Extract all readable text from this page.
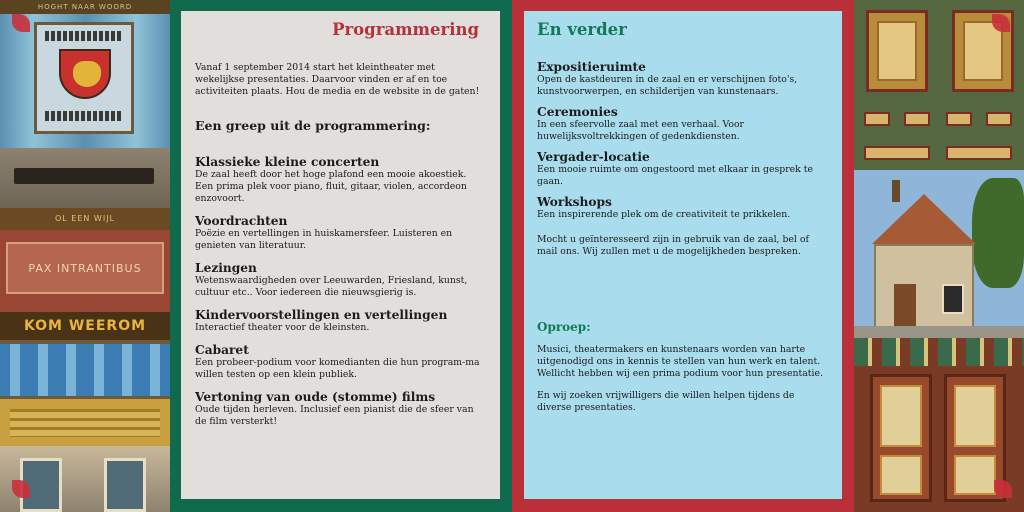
HOGHT NAAR WOORD
OL EEN WIJL
PAX INTRANTIBUS
KOM WEEROM
Programmering

Vanaf 1 september 2014 start het kleintheater met wekelijkse presentaties. Daarvoor vinden er af en toe activiteiten plaats. Hou de media en de website in de gaten!

Een greep uit de programmering:
Klassieke kleine concerten
De zaal heeft door het hoge plafond een mooie akoestiek. Een prima plek voor piano, fluit, gitaar, violen, accordeon enzovoort.
Voordrachten
Poëzie en vertellingen in huiskamersfeer. Luisteren en genieten van literatuur.
Lezingen
Wetenswaardigheden over Leeuwarden, Friesland, kunst, cultuur etc.. Voor iedereen die nieuwsgierig is.
Kindervoorstellingen en vertellingen
Interactief theater voor de kleinsten.
Cabaret
Een probeer-podium voor komedianten die hun program-ma willen testen op een klein publiek.
Vertoning van oude (stomme) films
Oude tijden herleven. Inclusief een pianist die de sfeer van de film versterkt!
En verder
Expositieruimte
Open de kastdeuren in de zaal en er verschijnen foto's, kunstvoorwerpen, en schilderijen van kunstenaars.
Ceremonies
In een sfeervolle zaal met een verhaal. Voor huwelijksvoltrekkingen of gedenkdiensten.
Vergader-locatie
Een mooie ruimte om ongestoord met elkaar in gesprek te gaan.
Workshops
Een inspirerende plek om de creativiteit te prikkelen.

Mocht u geïnteresseerd zijn in gebruik van de zaal, bel of mail ons. Wij zullen met u de mogelijkheden bespreken.

Oproep:

Musici, theatermakers en kunstenaars worden van harte uitgenodigd ons in kennis te stellen van hun werk en talent. Wellicht hebben wij een prima podium voor hun presentatie.

En wij zoeken vrijwilligers die willen helpen tijdens de diverse presentaties.
